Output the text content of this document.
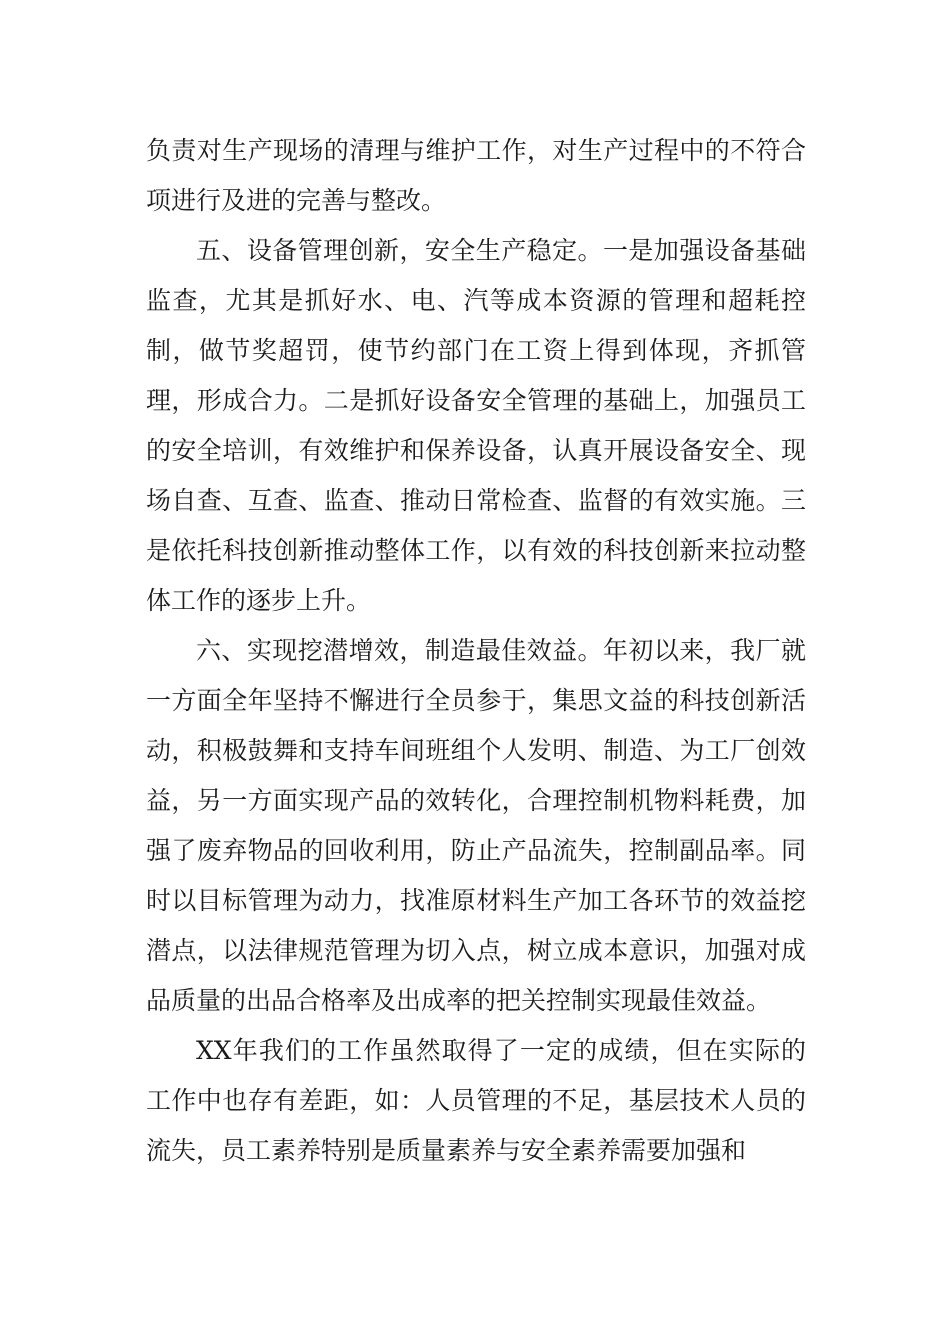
负责对生产现场的清理与维护工作，对生产过程中的不符合项进行及进的完善与整改。

五、设备管理创新，安全生产稳定。一是加强设备基础监查，尤其是抓好水、电、汽等成本资源的管理和超耗控制，做节奖超罚，使节约部门在工资上得到体现，齐抓管理，形成合力。二是抓好设备安全管理的基础上，加强员工的安全培训，有效维护和保养设备，认真开展设备安全、现场自查、互查、监查、推动日常检查、监督的有效实施。三是依托科技创新推动整体工作，以有效的科技创新来拉动整体工作的逐步上升。

六、实现挖潜增效，制造最佳效益。年初以来，我厂就一方面全年坚持不懈进行全员参于，集思文益的科技创新活动，积极鼓舞和支持车间班组个人发明、制造、为工厂创效益，另一方面实现产品的效转化，合理控制机物料耗费，加强了废弃物品的回收利用，防止产品流失，控制副品率。同时以目标管理为动力，找准原材料生产加工各环节的效益挖潜点，以法律规范管理为切入点，树立成本意识，加强对成品质量的出品合格率及出成率的把关控制实现最佳效益。

XX年我们的工作虽然取得了一定的成绩，但在实际的工作中也存有差距，如：人员管理的不足，基层技术人员的流失，员工素养特别是质量素养与安全素养需要加强和
